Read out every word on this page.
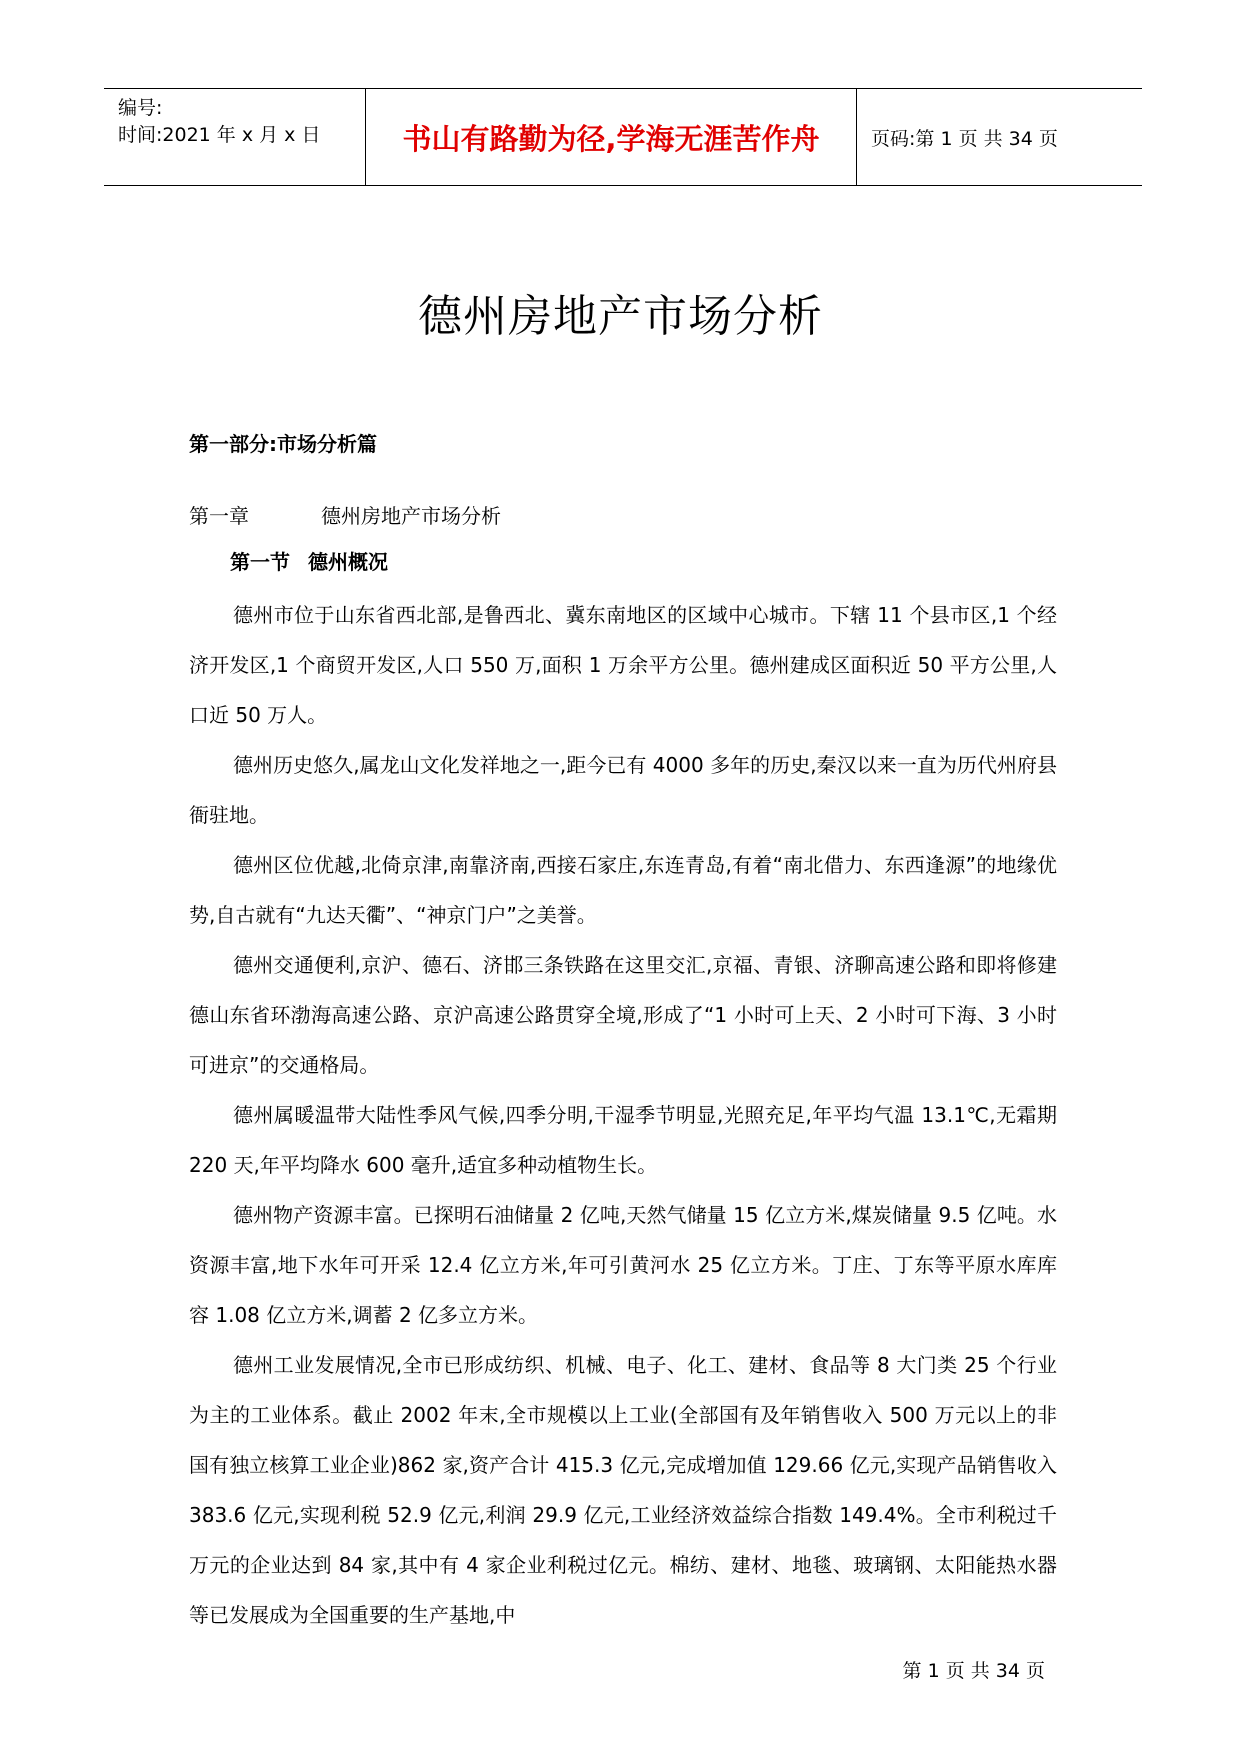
编号:
时间:2021 年 x 月 x 日	书山有路勤为径,学海无涯苦作舟	页码:第 1 页 共 34 页
德州房地产市场分析
第一部分:市场分析篇
第一章	德州房地产市场分析
第一节 德州概况

德州市位于山东省西北部,是鲁西北、冀东南地区的区域中心城市。下辖 11 个县市区,1 个经济开发区,1 个商贸开发区,人口 550 万,面积 1 万余平方公里。德州建成区面积近 50 平方公里,人口近 50 万人。

德州历史悠久,属龙山文化发祥地之一,距今已有 4000 多年的历史,秦汉以来一直为历代州府县衙驻地。

德州区位优越,北倚京津,南靠济南,西接石家庄,东连青岛,有着“南北借力、东西逢源”的地缘优势,自古就有“九达天衢”、“神京门户”之美誉。

德州交通便利,京沪、德石、济邯三条铁路在这里交汇,京福、青银、济聊高速公路和即将修建德山东省环渤海高速公路、京沪高速公路贯穿全境,形成了“1 小时可上天、2 小时可下海、3 小时可进京”的交通格局。

德州属暖温带大陆性季风气候,四季分明,干湿季节明显,光照充足,年平均气温 13.1℃,无霜期 220 天,年平均降水 600 毫升,适宜多种动植物生长。

德州物产资源丰富。已探明石油储量 2 亿吨,天然气储量 15 亿立方米,煤炭储量 9.5 亿吨。水资源丰富,地下水年可开采 12.4 亿立方米,年可引黄河水 25 亿立方米。丁庄、丁东等平原水库库容 1.08 亿立方米,调蓄 2 亿多立方米。

德州工业发展情况,全市已形成纺织、机械、电子、化工、建材、食品等 8 大门类 25 个行业为主的工业体系。截止 2002 年末,全市规模以上工业(全部国有及年销售收入 500 万元以上的非国有独立核算工业企业)862 家,资产合计 415.3 亿元,完成增加值 129.66 亿元,实现产品销售收入 383.6 亿元,实现利税 52.9 亿元,利润 29.9 亿元,工业经济效益综合指数 149.4%。全市利税过千万元的企业达到 84 家,其中有 4 家企业利税过亿元。棉纺、建材、地毯、玻璃钢、太阳能热水器等已发展成为全国重要的生产基地,中

第 1 页 共 34 页
